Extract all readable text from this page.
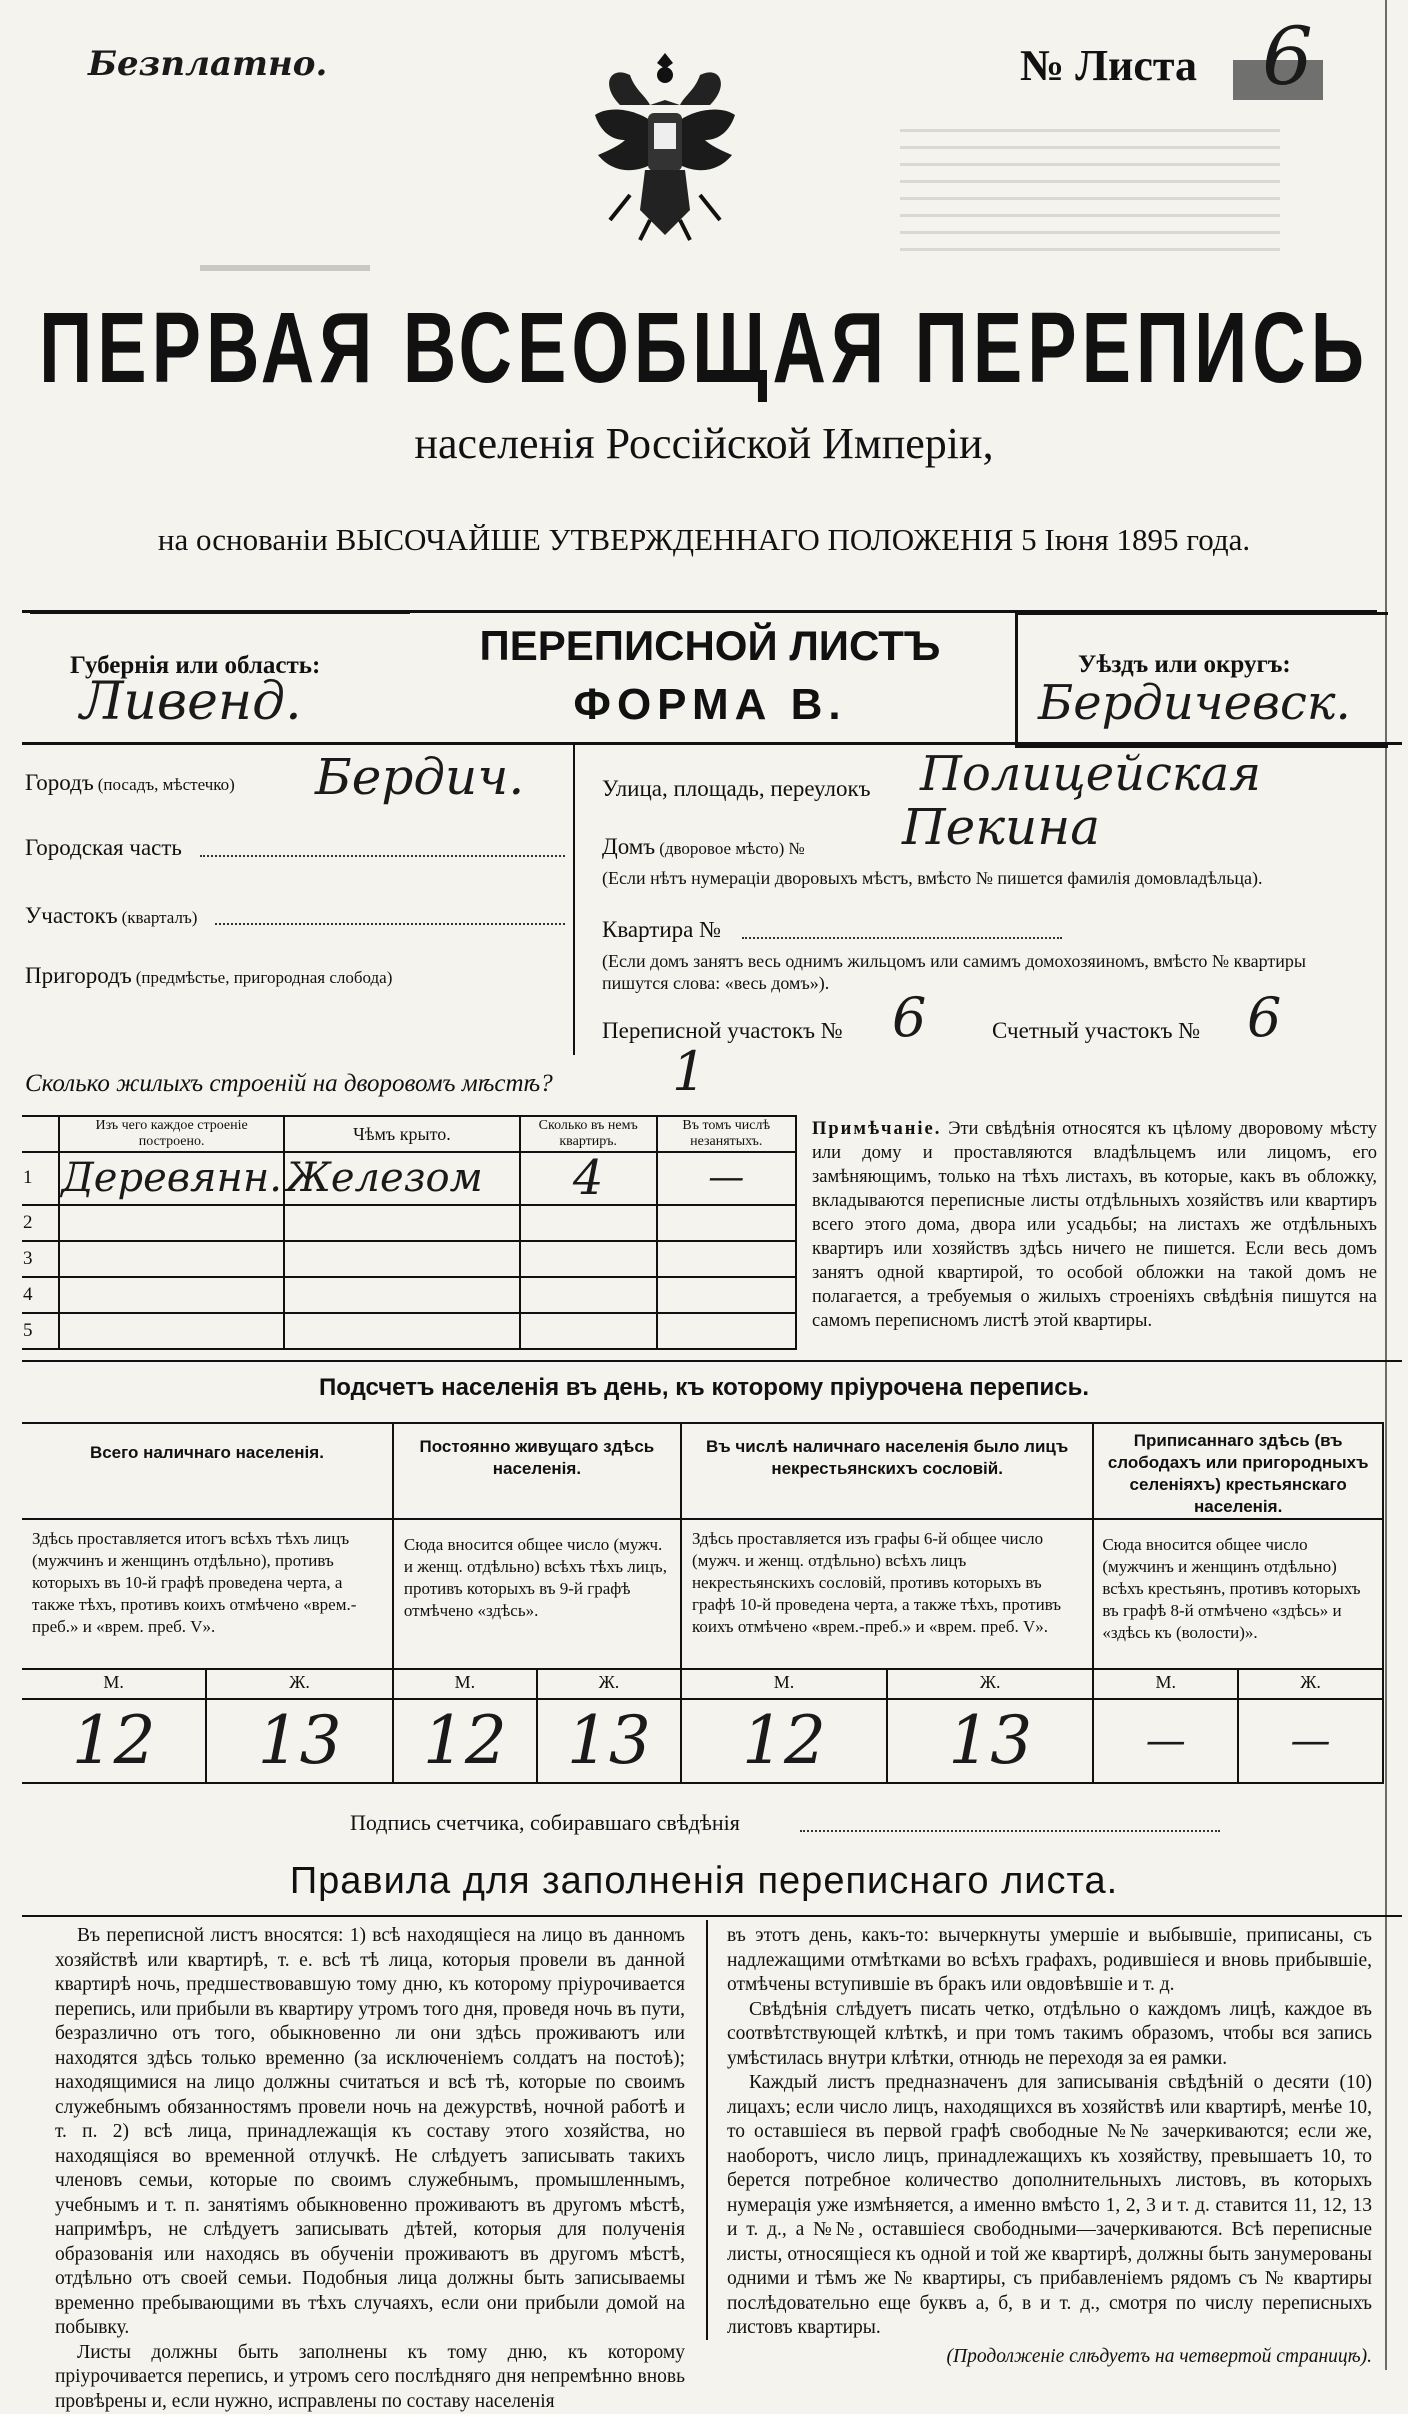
Безплатно.	№ Листа 6
ПЕРВАЯ ВСЕОБЩАЯ ПЕРЕПИСЬ
населенія Россійской Имперіи,
на основаніи ВЫСОЧАЙШЕ УТВЕРЖДЕННАГО ПОЛОЖЕНІЯ 5 Іюня 1895 года.
Губернія или область:
Ливенд.
Уѣздъ или округъ:
Бердичевск.
ПЕРЕПИСНОЙ ЛИСТЪ
ФОРМА В.
Городъ (посадъ, мѣстечко) Бердич.
Городская часть
Участокъ (кварталъ)
Пригородъ (предмѣстье, пригородная слобода)
Улица, площадь, переулокъ Полицейская
Домъ (дворовое мѣсто) № Пекина
(Если нѣтъ нумераціи дворовыхъ мѣстъ, вмѣсто № пишется фамилія домовладѣльца).
Квартира №
(Если домъ занятъ весь однимъ жильцомъ или самимъ домохозяиномъ, вмѣсто № квартиры пишутся слова: «весь домъ»).
Переписной участокъ № 6	Счетный участокъ № 6
Сколько жилыхъ строеній на дворовомъ мѣстѣ? 1
	Изъ чего каждое строеніе построено.	Чѣмъ крыто.	Сколько въ немъ квартиръ.	Въ томъ числѣ незанятыхъ.
1	Деревянн.	Железом	4	—
2				
3				
4				
5				
Примѣчаніе. Эти свѣдѣнія относятся къ цѣлому дворовому мѣсту или дому и проставляются владѣльцемъ или лицомъ, его замѣняющимъ, только на тѣхъ листахъ, въ которые, какъ въ обложку, вкладываются переписные листы отдѣльныхъ хозяйствъ или квартиръ всего этого дома, двора или усадьбы; на листахъ же отдѣльныхъ квартиръ или хозяйствъ здѣсь ничего не пишется. Если весь домъ занятъ одной квартирой, то особой обложки на такой домъ не полагается, а требуемыя о жилыхъ строеніяхъ свѣдѣнія пишутся на самомъ переписномъ листѣ этой квартиры.
Подсчетъ населенія въ день, къ которому пріурочена перепись.
Всего наличнаго населенія.		Постоянно живущаго здѣсь населенія.		Въ числѣ наличнаго населенія было лицъ некрестьянскихъ сословій.		Приписаннаго здѣсь (въ слободахъ или пригородныхъ селеніяхъ) крестьянскаго населенія.	
Здѣсь проставляется итогъ всѣхъ тѣхъ лицъ (мужчинъ и женщинъ отдѣльно), противъ которыхъ въ 10-й графѣ проведена черта, а также тѣхъ, противъ коихъ отмѣчено «врем.-преб.» и «врем. преб. V».		Сюда вносится общее число (мужч. и женщ. отдѣльно) всѣхъ тѣхъ лицъ, противъ которыхъ въ 9-й графѣ отмѣчено «здѣсь».		Здѣсь проставляется изъ графы 6-й общее число (мужч. и женщ. отдѣльно) всѣхъ лицъ некрестьянскихъ сословій, противъ которыхъ въ графѣ 10-й проведена черта, а также тѣхъ, противъ коихъ отмѣчено «врем.-преб.» и «врем. преб. V».		Сюда вносится общее число (мужчинъ и женщинъ отдѣльно) всѣхъ крестьянъ, противъ которыхъ въ графѣ 8-й отмѣчено «здѣсь» и «здѣсь къ (волости)».	
М.	Ж.	М.	Ж.	М.	Ж.	М.	Ж.
12	13	12	13	12	13	—	—
Подпись счетчика, собиравшаго свѣдѣнія
Правила для заполненія переписнаго листа.

Въ переписной листъ вносятся: 1) всѣ находящіеся на лицо въ данномъ хозяйствѣ или квартирѣ, т. е. всѣ тѣ лица, которыя провели въ данной квартирѣ ночь, предшествовавшую тому дню, къ которому пріурочивается перепись, или прибыли въ квартиру утромъ того дня, проведя ночь въ пути, безразлично отъ того, обыкновенно ли они здѣсь проживаютъ или находятся здѣсь только временно (за исключеніемъ солдатъ на постоѣ); находящимися на лицо должны считаться и всѣ тѣ, которые по своимъ служебнымъ обязанностямъ провели ночь на дежурствѣ, ночной работѣ и т. п. 2) всѣ лица, принадлежащія къ составу этого хозяйства, но находящіяся во временной отлучкѣ. Не слѣдуетъ записывать такихъ членовъ семьи, которые по своимъ служебнымъ, промышленнымъ, учебнымъ и т. п. занятіямъ обыкновенно проживаютъ въ другомъ мѣстѣ, напримѣръ, не слѣдуетъ записывать дѣтей, которыя для полученія образованія или находясь въ обученіи проживаютъ въ другомъ мѣстѣ, отдѣльно отъ своей семьи. Подобныя лица должны быть записываемы временно пребывающими въ тѣхъ случаяхъ, если они прибыли домой на побывку.

Листы должны быть заполнены къ тому дню, къ которому пріурочивается перепись, и утромъ сего послѣдняго дня непремѣнно вновь провѣрены и, если нужно, исправлены по составу населенія

въ этотъ день, какъ-то: вычеркнуты умершіе и выбывшіе, приписаны, съ надлежащими отмѣтками во всѣхъ графахъ, родившіеся и вновь прибывшіе, отмѣчены вступившіе въ бракъ или овдовѣвшіе и т. д.

Свѣдѣнія слѣдуетъ писать четко, отдѣльно о каждомъ лицѣ, каждое въ соотвѣтствующей клѣткѣ, и при томъ такимъ образомъ, чтобы вся запись умѣстилась внутри клѣтки, отнюдь не переходя за ея рамки.

Каждый листъ предназначенъ для записыванія свѣдѣній о десяти (10) лицахъ; если число лицъ, находящихся въ хозяйствѣ или квартирѣ, менѣе 10, то оставшіеся въ первой графѣ свободные №№ зачеркиваются; если же, наоборотъ, число лицъ, принадлежащихъ къ хозяйству, превышаетъ 10, то берется потребное количество дополнительныхъ листовъ, въ которыхъ нумерація уже измѣняется, а именно вмѣсто 1, 2, 3 и т. д. ставится 11, 12, 13 и т. д., а №№, оставшіеся свободными—зачеркиваются. Всѣ переписные листы, относящіеся къ одной и той же квартирѣ, должны быть занумерованы одними и тѣмъ же № квартиры, съ прибавленіемъ рядомъ съ № квартиры послѣдовательно еще буквъ а, б, в и т. д., смотря по числу переписныхъ листовъ квартиры.

(Продолженіе слѣдуетъ на четвертой страницѣ).
